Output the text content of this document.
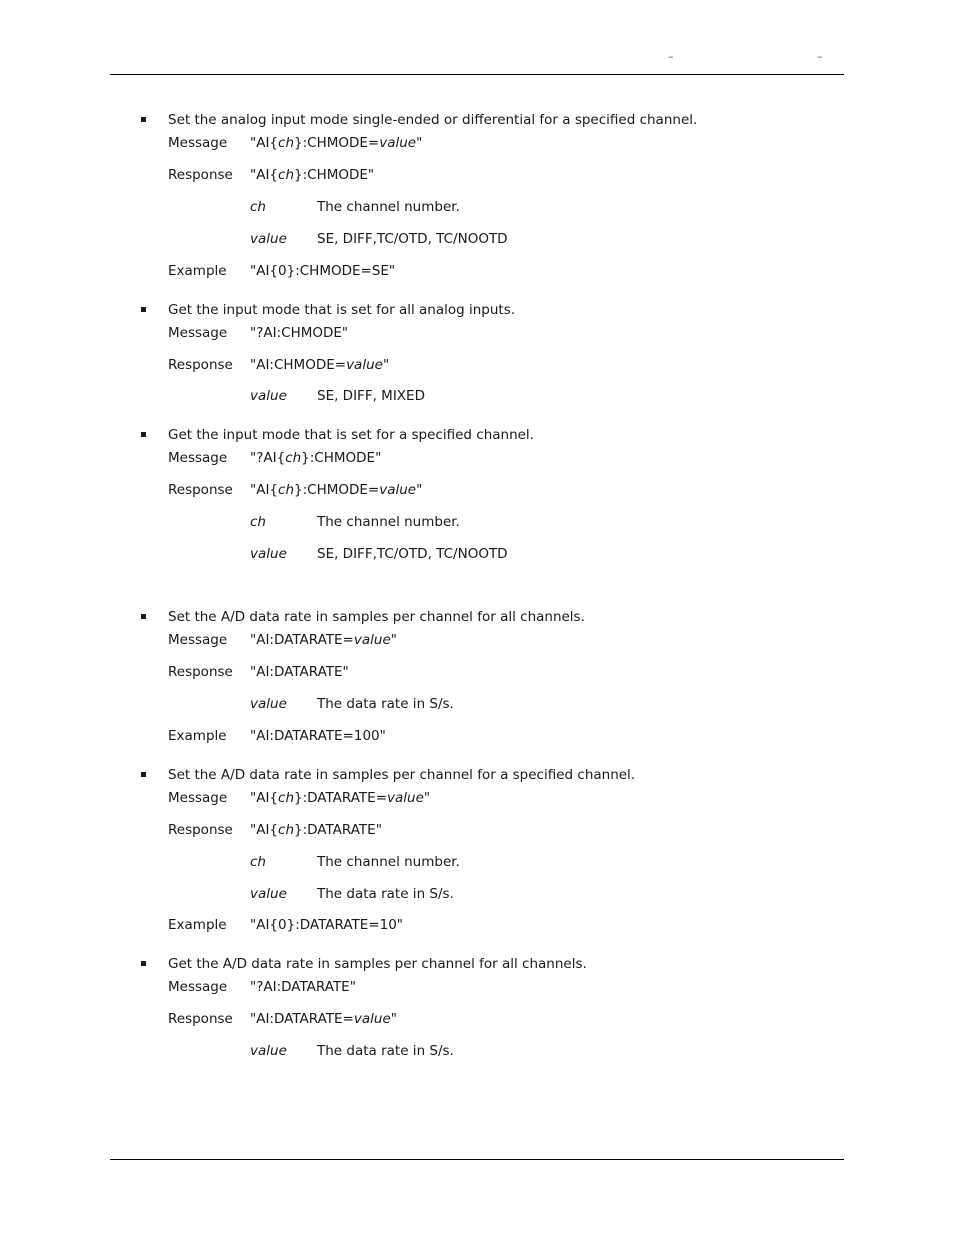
–	–
Set the analog input mode single-ended or differential for a specified channel.
Message "AI{ch}:CHMODE=value"
Response "AI{ch}:CHMODE"
ch	The channel number.
value SE, DIFF,TC/OTD, TC/NOOTD
Example "AI{0}:CHMODE=SE"
Get the input mode that is set for all analog inputs.
Message "?AI:CHMODE"
Response "AI:CHMODE=value"
value SE, DIFF, MIXED
Get the input mode that is set for a specified channel.
Message "?AI{ch}:CHMODE"
Response "AI{ch}:CHMODE=value"
ch	The channel number.
value SE, DIFF,TC/OTD, TC/NOOTD
Set the A/D data rate in samples per channel for all channels.
Message "AI:DATARATE=value"
Response "AI:DATARATE"
value The data rate in S/s.
Example "AI:DATARATE=100"
Set the A/D data rate in samples per channel for a specified channel.
Message "AI{ch}:DATARATE=value"
Response "AI{ch}:DATARATE"
ch	The channel number.
value The data rate in S/s.
Example "AI{0}:DATARATE=10"
Get the A/D data rate in samples per channel for all channels.
Message "?AI:DATARATE"
Response "AI:DATARATE=value"
value The data rate in S/s.
